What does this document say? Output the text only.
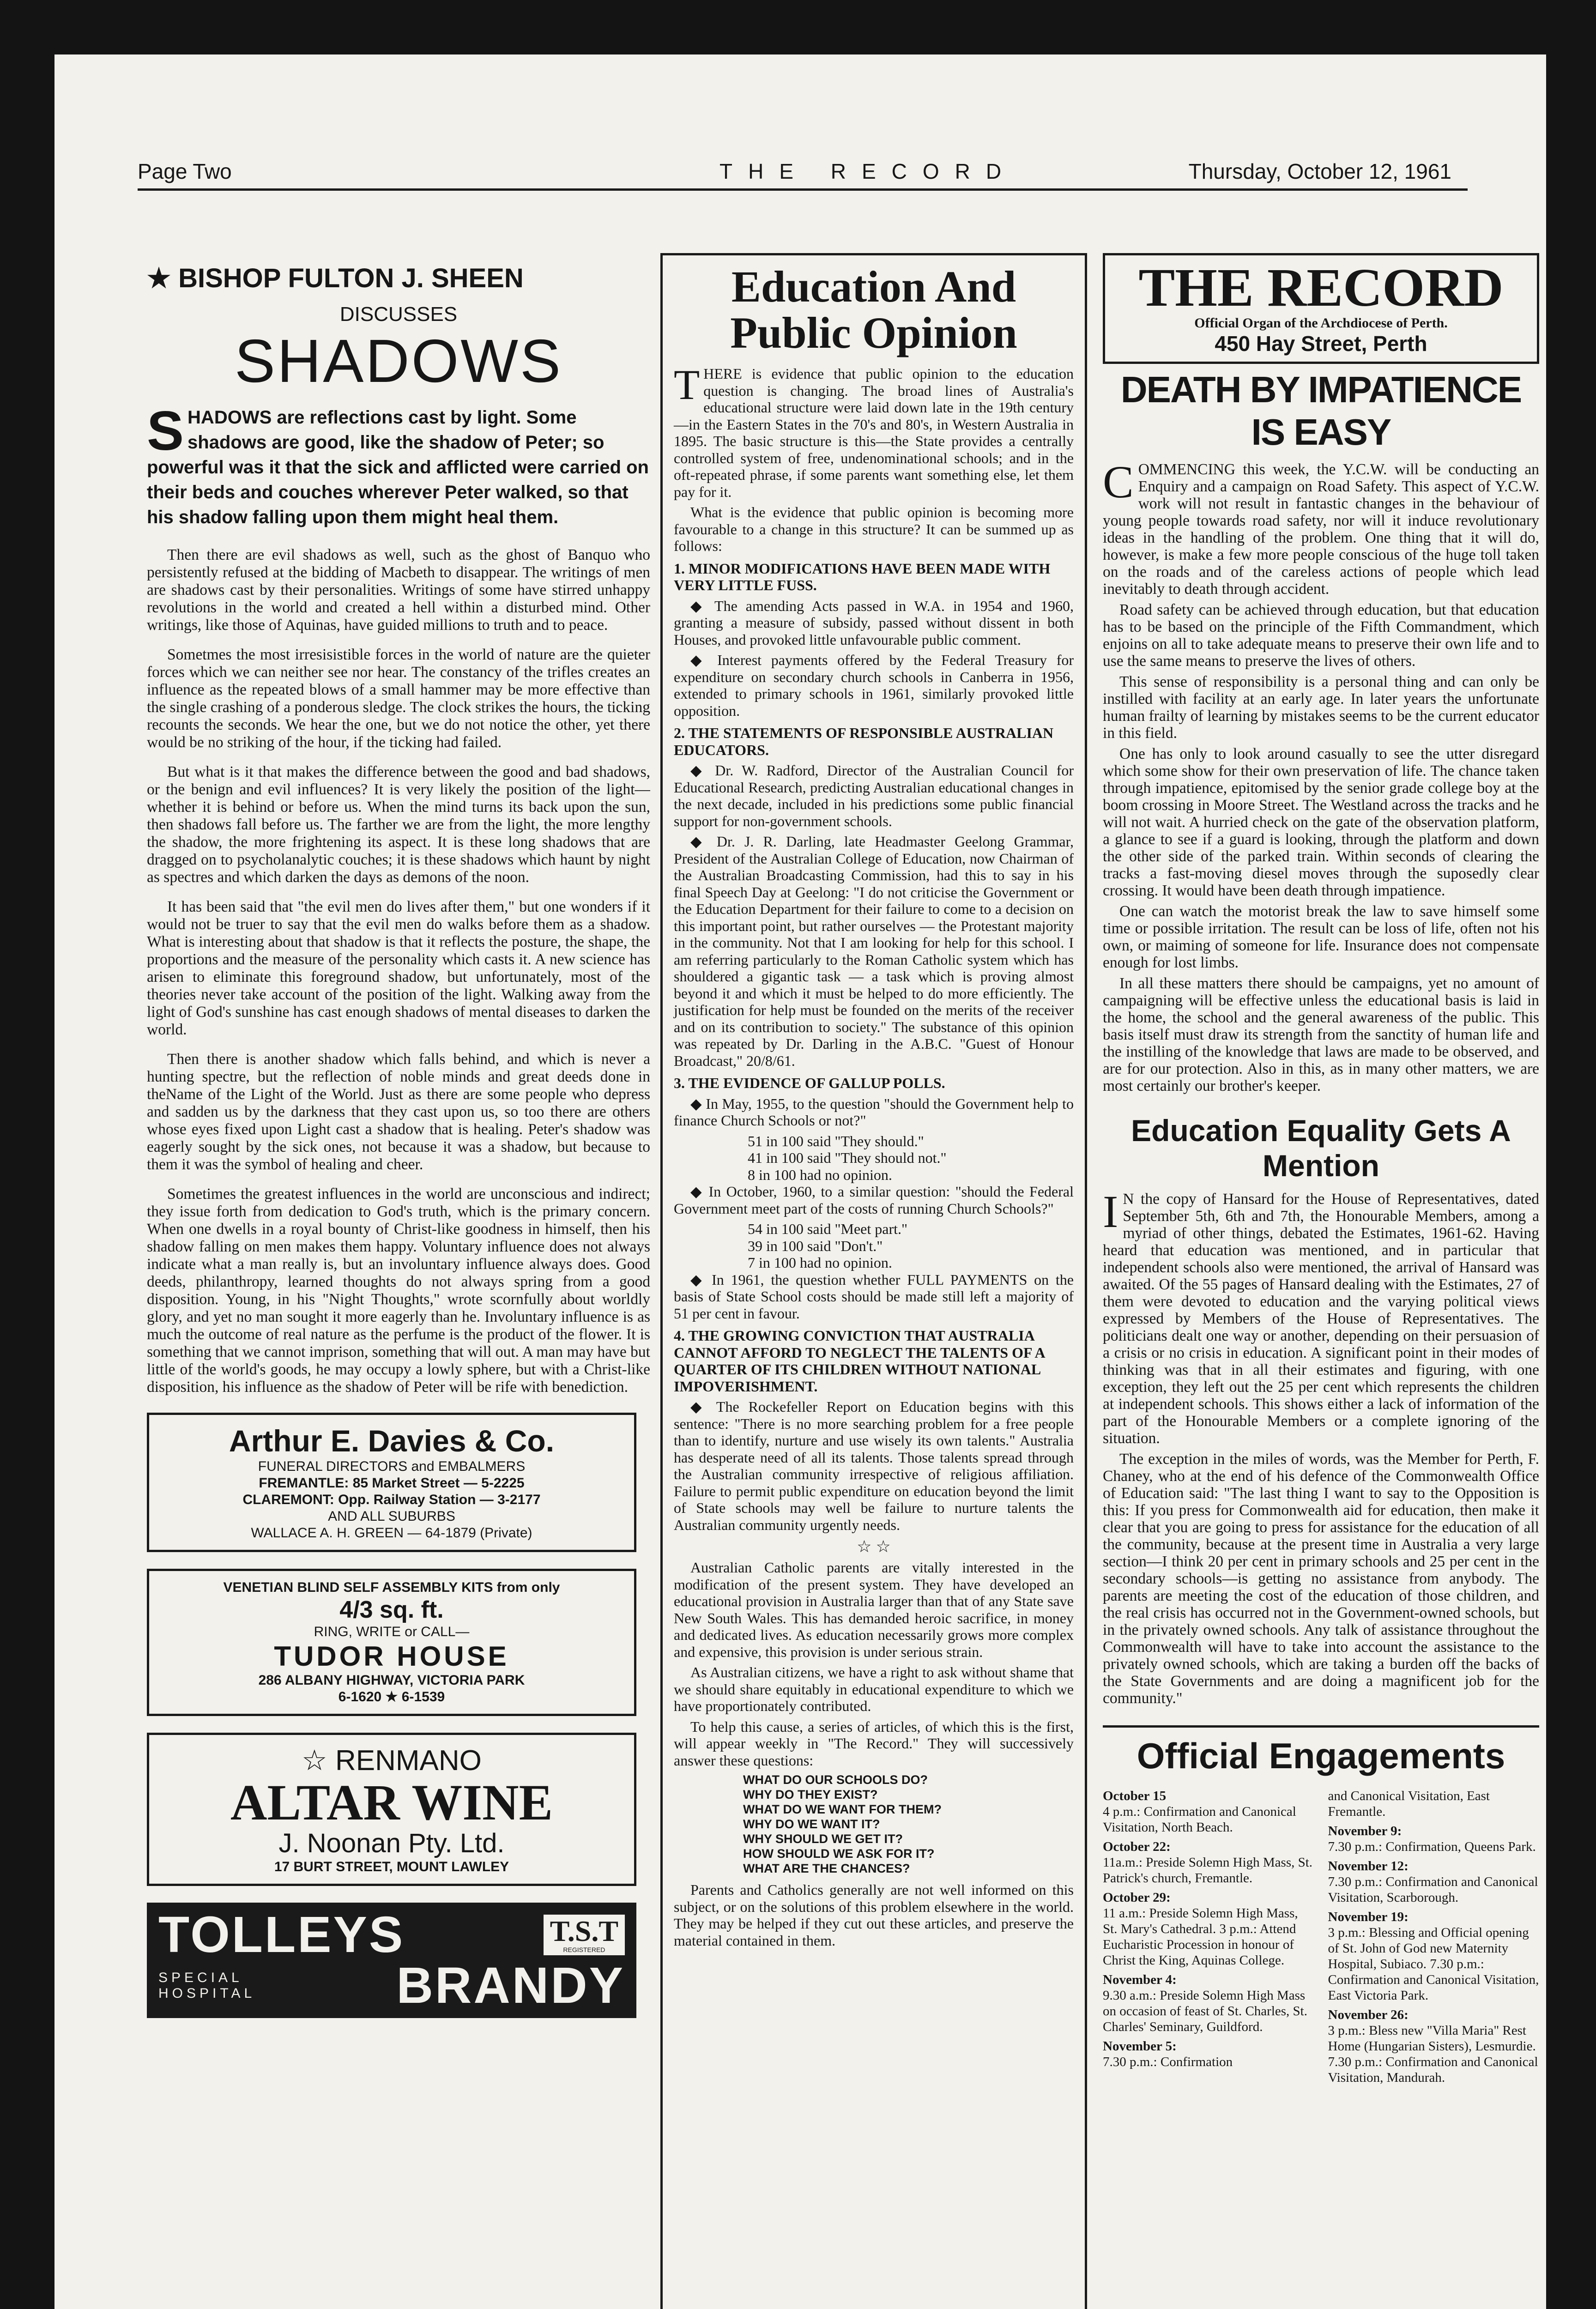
Page Two	THE RECORD	Thursday, October 12, 1961
★ BISHOP FULTON J. SHEEN
DISCUSSES
SHADOWS

SHADOWS are reflections cast by light. Some shadows are good, like the shadow of Peter; so powerful was it that the sick and afflicted were carried on their beds and couches wherever Peter walked, so that his shadow falling upon them might heal them.

Then there are evil shadows as well, such as the ghost of Banquo who persistently refused at the bidding of Macbeth to disappear. The writings of men are shadows cast by their personalities. Writings of some have stirred unhappy revolutions in the world and created a hell within a disturbed mind. Other writings, like those of Aquinas, have guided millions to truth and to peace.

Sometmes the most irresisistible forces in the world of nature are the quieter forces which we can neither see nor hear. The constancy of the trifles creates an influence as the repeated blows of a small hammer may be more effective than the single crashing of a ponderous sledge. The clock strikes the hours, the ticking recounts the seconds. We hear the one, but we do not notice the other, yet there would be no striking of the hour, if the ticking had failed.

But what is it that makes the difference between the good and bad shadows, or the benign and evil influences? It is very likely the position of the light—whether it is behind or before us. When the mind turns its back upon the sun, then shadows fall before us. The farther we are from the light, the more lengthy the shadow, the more frightening its aspect. It is these long shadows that are dragged on to psycholanalytic couches; it is these shadows which haunt by night as spectres and which darken the days as demons of the noon.

It has been said that "the evil men do lives after them," but one wonders if it would not be truer to say that the evil men do walks before them as a shadow. What is interesting about that shadow is that it reflects the posture, the shape, the proportions and the measure of the personality which casts it. A new science has arisen to eliminate this foreground shadow, but unfortunately, most of the theories never take account of the position of the light. Walking away from the light of God's sunshine has cast enough shadows of mental diseases to darken the world.

Then there is another shadow which falls behind, and which is never a hunting spectre, but the reflection of noble minds and great deeds done in theName of the Light of the World. Just as there are some people who depress and sadden us by the darkness that they cast upon us, so too there are others whose eyes fixed upon Light cast a shadow that is healing. Peter's shadow was eagerly sought by the sick ones, not because it was a shadow, but because to them it was the symbol of healing and cheer.

Sometimes the greatest influences in the world are unconscious and indirect; they issue forth from dedication to God's truth, which is the primary concern. When one dwells in a royal bounty of Christ-like goodness in himself, then his shadow falling on men makes them happy. Voluntary influence does not always indicate what a man really is, but an involuntary influence always does. Good deeds, philanthropy, learned thoughts do not always spring from a good disposition. Young, in his "Night Thoughts," wrote scornfully about worldly glory, and yet no man sought it more eagerly than he. Involuntary influence is as much the outcome of real nature as the perfume is the product of the flower. It is something that we cannot imprison, something that will out. A man may have but little of the world's goods, he may occupy a lowly sphere, but with a Christ-like disposition, his influence as the shadow of Peter will be rife with benediction.

Arthur E. Davies & Co.
FUNERAL DIRECTORS and EMBALMERS
FREMANTLE: 85 Market Street — 5-2225
CLAREMONT: Opp. Railway Station — 3-2177
AND ALL SUBURBS
WALLACE A. H. GREEN — 64-1879 (Private)
VENETIAN BLIND SELF ASSEMBLY KITS from only
4/3 sq. ft.
RING, WRITE or CALL—
TUDOR HOUSE
286 ALBANY HIGHWAY, VICTORIA PARK
6-1620 ★ 6-1539
☆ RENMANO
ALTAR WINE
J. Noonan Pty. Ltd.
17 BURT STREET, MOUNT LAWLEY
TOLLEYS	T.S.T
REGISTERED
SPECIAL HOSPITAL	BRANDY
Education And Public Opinion

THERE is evidence that public opinion to the education question is changing. The broad lines of Australia's educational structure were laid down late in the 19th century—in the Eastern States in the 70's and 80's, in Western Australia in 1895. The basic structure is this—the State provides a centrally controlled system of free, undenominational schools; and in the oft-repeated phrase, if some parents want something else, let them pay for it.

What is the evidence that public opinion is becoming more favourable to a change in this structure? It can be summed up as follows:

1. MINOR MODIFICATIONS HAVE BEEN MADE WITH VERY LITTLE FUSS.

◆ The amending Acts passed in W.A. in 1954 and 1960, granting a measure of subsidy, passed without dissent in both Houses, and provoked little unfavourable public comment.

◆ Interest payments offered by the Federal Treasury for expenditure on secondary church schools in Canberra in 1956, extended to primary schools in 1961, similarly provoked little opposition.

2. THE STATEMENTS OF RESPONSIBLE AUSTRALIAN EDUCATORS.

◆ Dr. W. Radford, Director of the Australian Council for Educational Research, predicting Australian educational changes in the next decade, included in his predictions some public financial support for non-government schools.

◆ Dr. J. R. Darling, late Headmaster Geelong Grammar, President of the Australian College of Education, now Chairman of the Australian Broadcasting Commission, had this to say in his final Speech Day at Geelong: "I do not criticise the Government or the Education Department for their failure to come to a decision on this important point, but rather ourselves — the Protestant majority in the community. Not that I am looking for help for this school. I am referring particularly to the Roman Catholic system which has shouldered a gigantic task — a task which is proving almost beyond it and which it must be helped to do more efficiently. The justification for help must be founded on the merits of the receiver and on its contribution to society." The substance of this opinion was repeated by Dr. Darling in the A.B.C. "Guest of Honour Broadcast," 20/8/61.

3. THE EVIDENCE OF GALLUP POLLS.

◆ In May, 1955, to the question "should the Government help to finance Church Schools or not?"

51 in 100 said "They should."
41 in 100 said "They should not."
8 in 100 had no opinion.

◆ In October, 1960, to a similar question: "should the Federal Government meet part of the costs of running Church Schools?"

54 in 100 said "Meet part."
39 in 100 said "Don't."
7 in 100 had no opinion.

◆ In 1961, the question whether FULL PAYMENTS on the basis of State School costs should be made still left a majority of 51 per cent in favour.

4. THE GROWING CONVICTION THAT AUSTRALIA CANNOT AFFORD TO NEGLECT THE TALENTS OF A QUARTER OF ITS CHILDREN WITHOUT NATIONAL IMPOVERISHMENT.

◆ The Rockefeller Report on Education begins with this sentence: "There is no more searching problem for a free people than to identify, nurture and use wisely its own talents." Australia has desperate need of all its talents. Those talents spread through the Australian community irrespective of religious affiliation. Failure to permit public expenditure on education beyond the limit of State schools may well be failure to nurture talents the Australian community urgently needs.

☆ ☆

Australian Catholic parents are vitally interested in the modification of the present system. They have developed an educational provision in Australia larger than that of any State save New South Wales. This has demanded heroic sacrifice, in money and dedicated lives. As education necessarily grows more complex and expensive, this provision is under serious strain.

As Australian citizens, we have a right to ask without shame that we should share equitably in educational expenditure to which we have proportionately contributed.

To help this cause, a series of articles, of which this is the first, will appear weekly in "The Record." They will successively answer these questions:

WHAT DO OUR SCHOOLS DO?
WHY DO THEY EXIST?
WHAT DO WE WANT FOR THEM?
WHY DO WE WANT IT?
WHY SHOULD WE GET IT?
HOW SHOULD WE ASK FOR IT?
WHAT ARE THE CHANCES?

Parents and Catholics generally are not well informed on this subject, or on the solutions of this problem elsewhere in the world. They may be helped if they cut out these articles, and preserve the material contained in them.

THE RECORD
Official Organ of the Archdiocese of Perth.
450 Hay Street, Perth
DEATH BY IMPATIENCE IS EASY

COMMENCING this week, the Y.C.W. will be conducting an Enquiry and a campaign on Road Safety. This aspect of Y.C.W. work will not result in fantastic changes in the behaviour of young people towards road safety, nor will it induce revolutionary ideas in the handling of the problem. One thing that it will do, however, is make a few more people conscious of the huge toll taken on the roads and of the careless actions of people which lead inevitably to death through accident.

Road safety can be achieved through education, but that education has to be based on the principle of the Fifth Commandment, which enjoins on all to take adequate means to preserve their own life and to use the same means to preserve the lives of others.

This sense of responsibility is a personal thing and can only be instilled with facility at an early age. In later years the unfortunate human frailty of learning by mistakes seems to be the current educator in this field.

One has only to look around casually to see the utter disregard which some show for their own preservation of life. The chance taken through impatience, epitomised by the senior grade college boy at the boom crossing in Moore Street. The Westland across the tracks and he will not wait. A hurried check on the gate of the observation platform, a glance to see if a guard is looking, through the platform and down the other side of the parked train. Within seconds of clearing the tracks a fast-moving diesel moves through the suposedly clear crossing. It would have been death through impatience.

One can watch the motorist break the law to save himself some time or possible irritation. The result can be loss of life, often not his own, or maiming of someone for life. Insurance does not compensate enough for lost limbs.

In all these matters there should be campaigns, yet no amount of campaigning will be effective unless the educational basis is laid in the home, the school and the general awareness of the public. This basis itself must draw its strength from the sanctity of human life and the instilling of the knowledge that laws are made to be observed, and are for our protection. Also in this, as in many other matters, we are most certainly our brother's keeper.

Education Equality Gets A Mention

I N the copy of Hansard for the House of Representatives, dated September 5th, 6th and 7th, the Honourable Members, among a myriad of other things, debated the Estimates, 1961-62. Having heard that education was mentioned, and in particular that independent schools also were mentioned, the arrival of Hansard was awaited. Of the 55 pages of Hansard dealing with the Estimates, 27 of them were devoted to education and the varying political views expressed by Members of the House of Representatives. The politicians dealt one way or another, depending on their persuasion of a crisis or no crisis in education. A significant point in their modes of thinking was that in all their estimates and figuring, with one exception, they left out the 25 per cent which represents the children at independent schools. This shows either a lack of information of the part of the Honourable Members or a complete ignoring of the situation.

The exception in the miles of words, was the Member for Perth, F. Chaney, who at the end of his defence of the Commonwealth Office of Education said: "The last thing I want to say to the Opposition is this: If you press for Commonwealth aid for education, then make it clear that you are going to press for assistance for the education of all the community, because at the present time in Australia a very large section—I think 20 per cent in primary schools and 25 per cent in the secondary schools—is getting no assistance from anybody. The parents are meeting the cost of the education of those children, and the real crisis has occurred not in the Government-owned schools, but in the privately owned schools. Any talk of assistance throughout the Commonwealth will have to take into account the assistance to the privately owned schools, which are taking a burden off the backs of the State Governments and are doing a magnificent job for the community."

Official Engagements
October 15
4 p.m.: Confirmation and Canonical Visitation, North Beach.
October 22:
11a.m.: Preside Solemn High Mass, St. Patrick's church, Fremantle.
October 29:
11 a.m.: Preside Solemn High Mass, St. Mary's Cathedral. 3 p.m.: Attend Eucharistic Procession in honour of Christ the King, Aquinas College.
November 4:
9.30 a.m.: Preside Solemn High Mass on occasion of feast of St. Charles, St. Charles' Seminary, Guildford.
November 5:
7.30 p.m.: Confirmation
and Canonical Visitation, East Fremantle.
November 9:
7.30 p.m.: Confirmation, Queens Park.
November 12:
7.30 p.m.: Confirmation and Canonical Visitation, Scarborough.
November 19:
3 p.m.: Blessing and Official opening of St. John of God new Maternity Hospital, Subiaco. 7.30 p.m.: Confirmation and Canonical Visitation, East Victoria Park.
November 26:
3 p.m.: Bless new "Villa Maria" Rest Home (Hungarian Sisters), Lesmurdie. 7.30 p.m.: Confirmation and Canonical Visitation, Mandurah.
